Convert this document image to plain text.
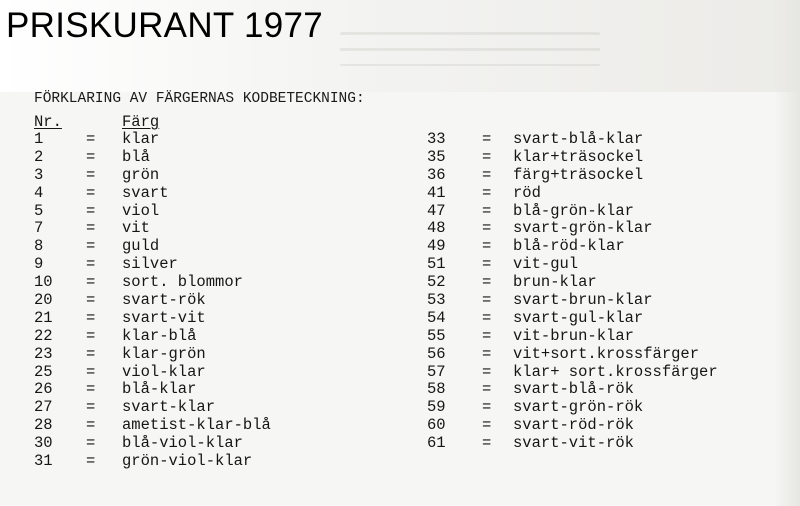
PRISKURANT 1977
FÖRKLARING AV FÄRGERNAS KODBETECKNING:
Nr.	Färg
1	= klar
2	= blå
3	= grön
4	= svart
5	= viol
7	= vit
8	= guld
9	= silver
10 = sort. blommor
20 = svart-rök
21 = svart-vit
22 = klar-blå
23 = klar-grön
25 = viol-klar
26 = blå-klar
27 = svart-klar
28 = ametist-klar-blå
30 = blå-viol-klar
31 = grön-viol-klar
33 = svart-blå-klar
35 = klar+träsockel
36 = färg+träsockel
41 = röd
47 = blå-grön-klar
48 = svart-grön-klar
49 = blå-röd-klar
51 = vit-gul
52 = brun-klar
53 = svart-brun-klar
54 = svart-gul-klar
55 = vit-brun-klar
56 = vit+sort.krossfärger
57 = klar+ sort.krossfärger
58 = svart-blå-rök
59 = svart-grön-rök
60 = svart-röd-rök
61 = svart-vit-rök
